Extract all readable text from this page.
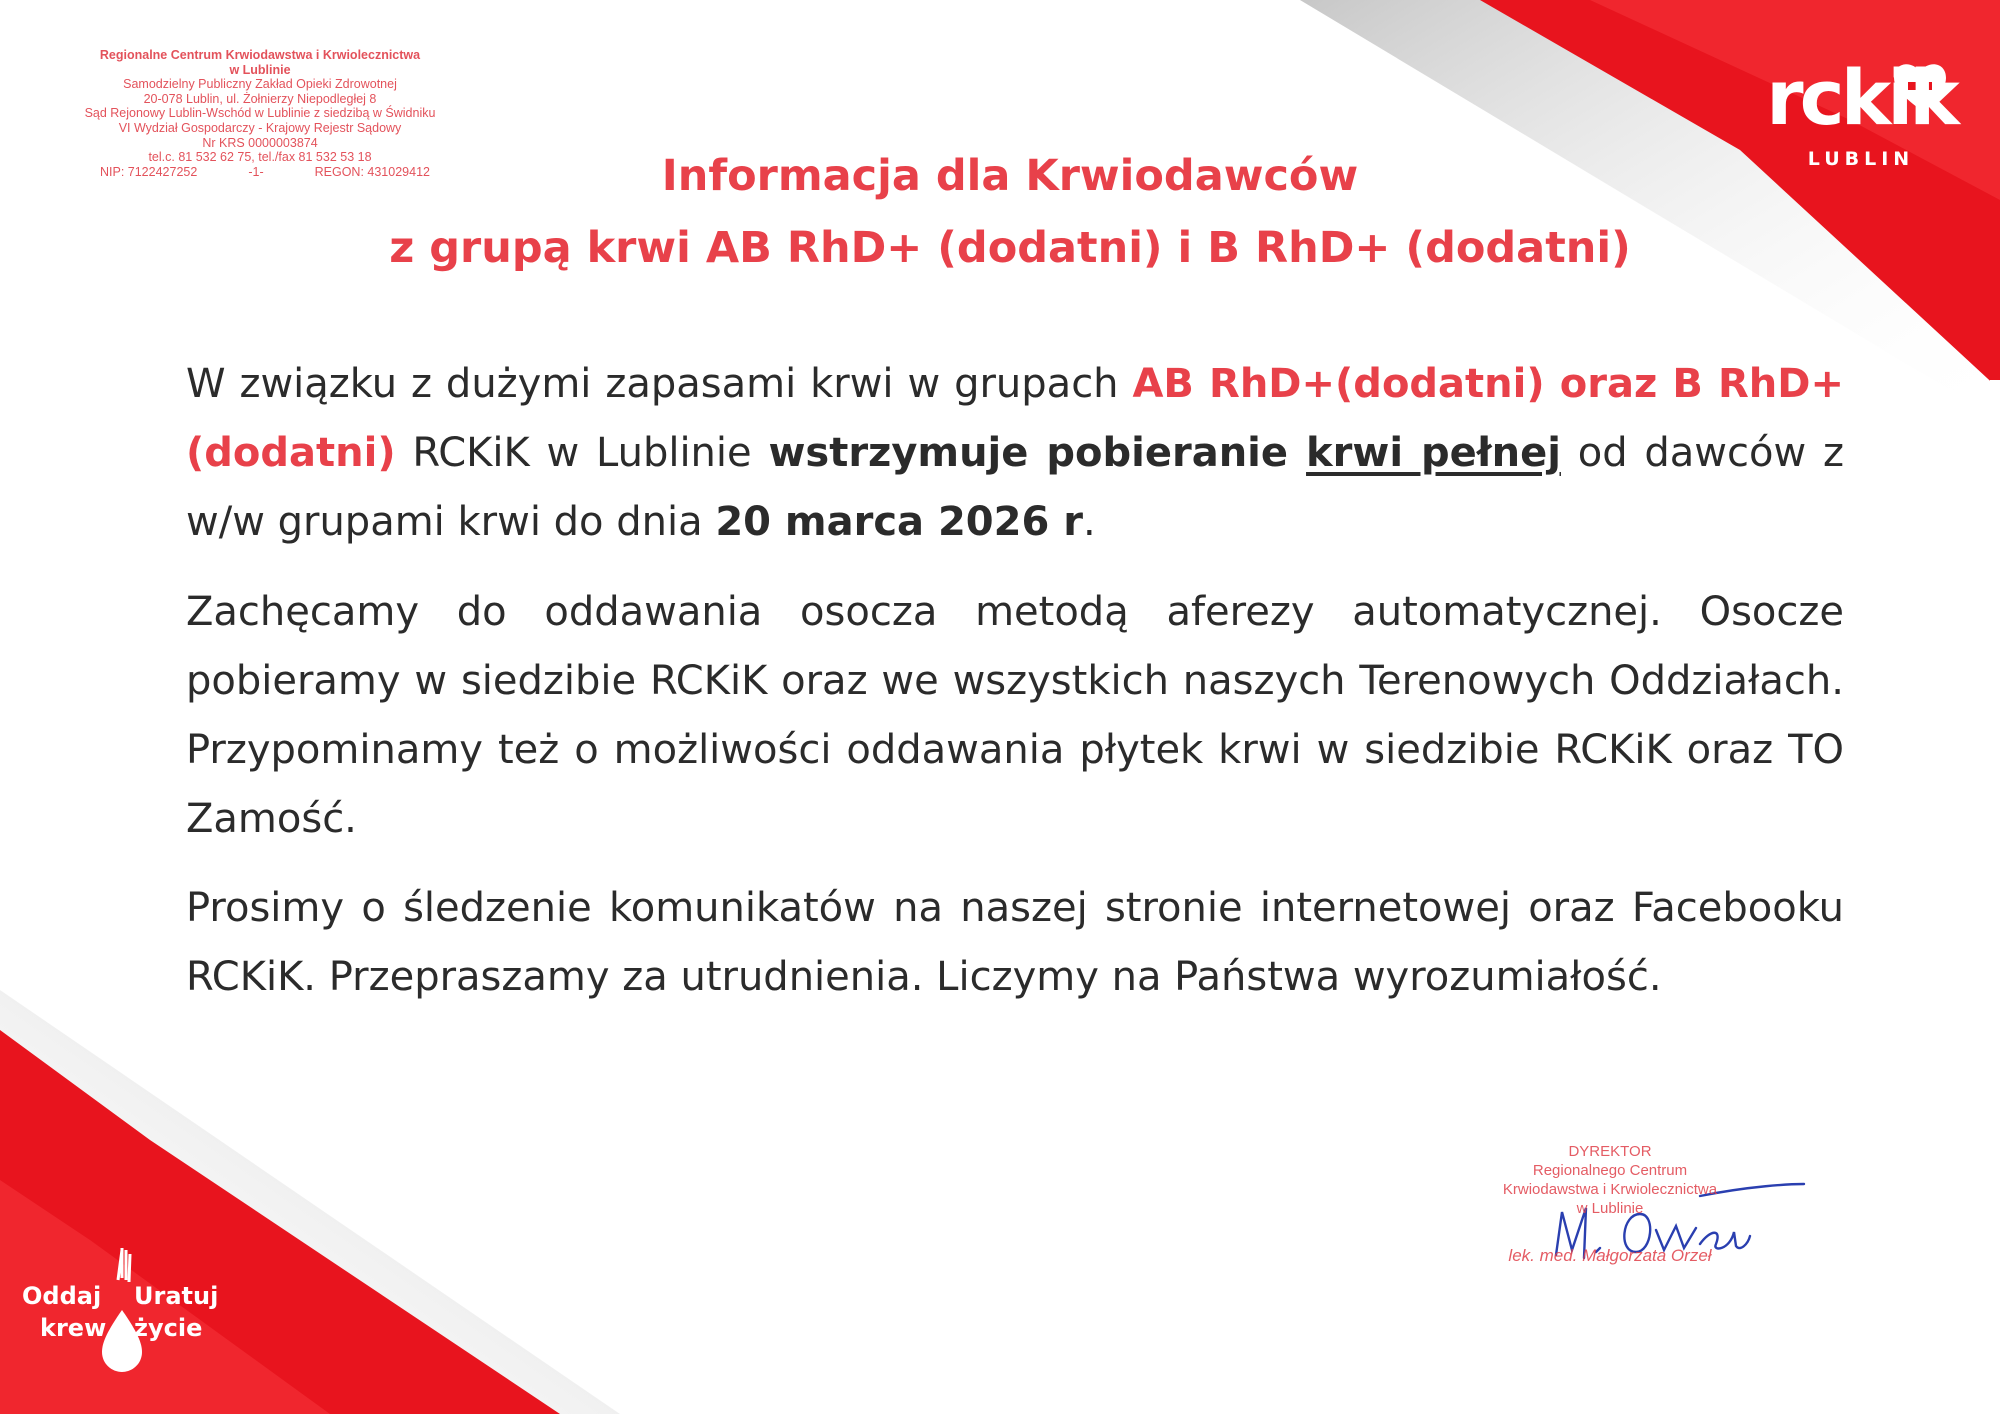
Regionalne Centrum Krwiodawstwa i Krwiolecznictwa
w Lublinie
Samodzielny Publiczny Zakład Opieki Zdrowotnej
20-078 Lublin, ul. Żołnierzy Niepodległej 8
Sąd Rejonowy Lublin-Wschód w Lublinie z siedzibą w Świdniku
VI Wydział Gospodarczy - Krajowy Rejestr Sądowy
Nr KRS 0000003874
tel.c. 81 532 62 75, tel./fax 81 532 53 18
NIP: 7122427252	-1-	REGON: 431029412
rckik
LUBLIN
Informacja dla Krwiodawców
z grupą krwi AB RhD+ (dodatni) i B RhD+ (dodatni)
W związku z dużymi zapasami krwi w grupach AB RhD+(dodatni) oraz B RhD+(dodatni) RCKiK w Lublinie wstrzymuje pobieranie krwi pełnej od dawców z w/w grupami krwi do dnia 20 marca 2026 r.
Zachęcamy do oddawania osocza metodą aferezy automatycznej. Osocze pobieramy w siedzibie RCKiK oraz we wszystkich naszych Terenowych Oddziałach. Przypominamy też o możliwości oddawania płytek krwi w siedzibie RCKiK oraz TO Zamość.
Prosimy o śledzenie komunikatów na naszej stronie internetowej oraz Facebooku RCKiK. Przepraszamy za utrudnienia. Liczymy na Państwa wyrozumiałość.
DYREKTOR
Regionalnego Centrum
Krwiodawstwa i Krwiolecznictwa
w Lublinie
lek. med. Małgorzata Orzeł
Oddaj
krew
Uratuj
życie
